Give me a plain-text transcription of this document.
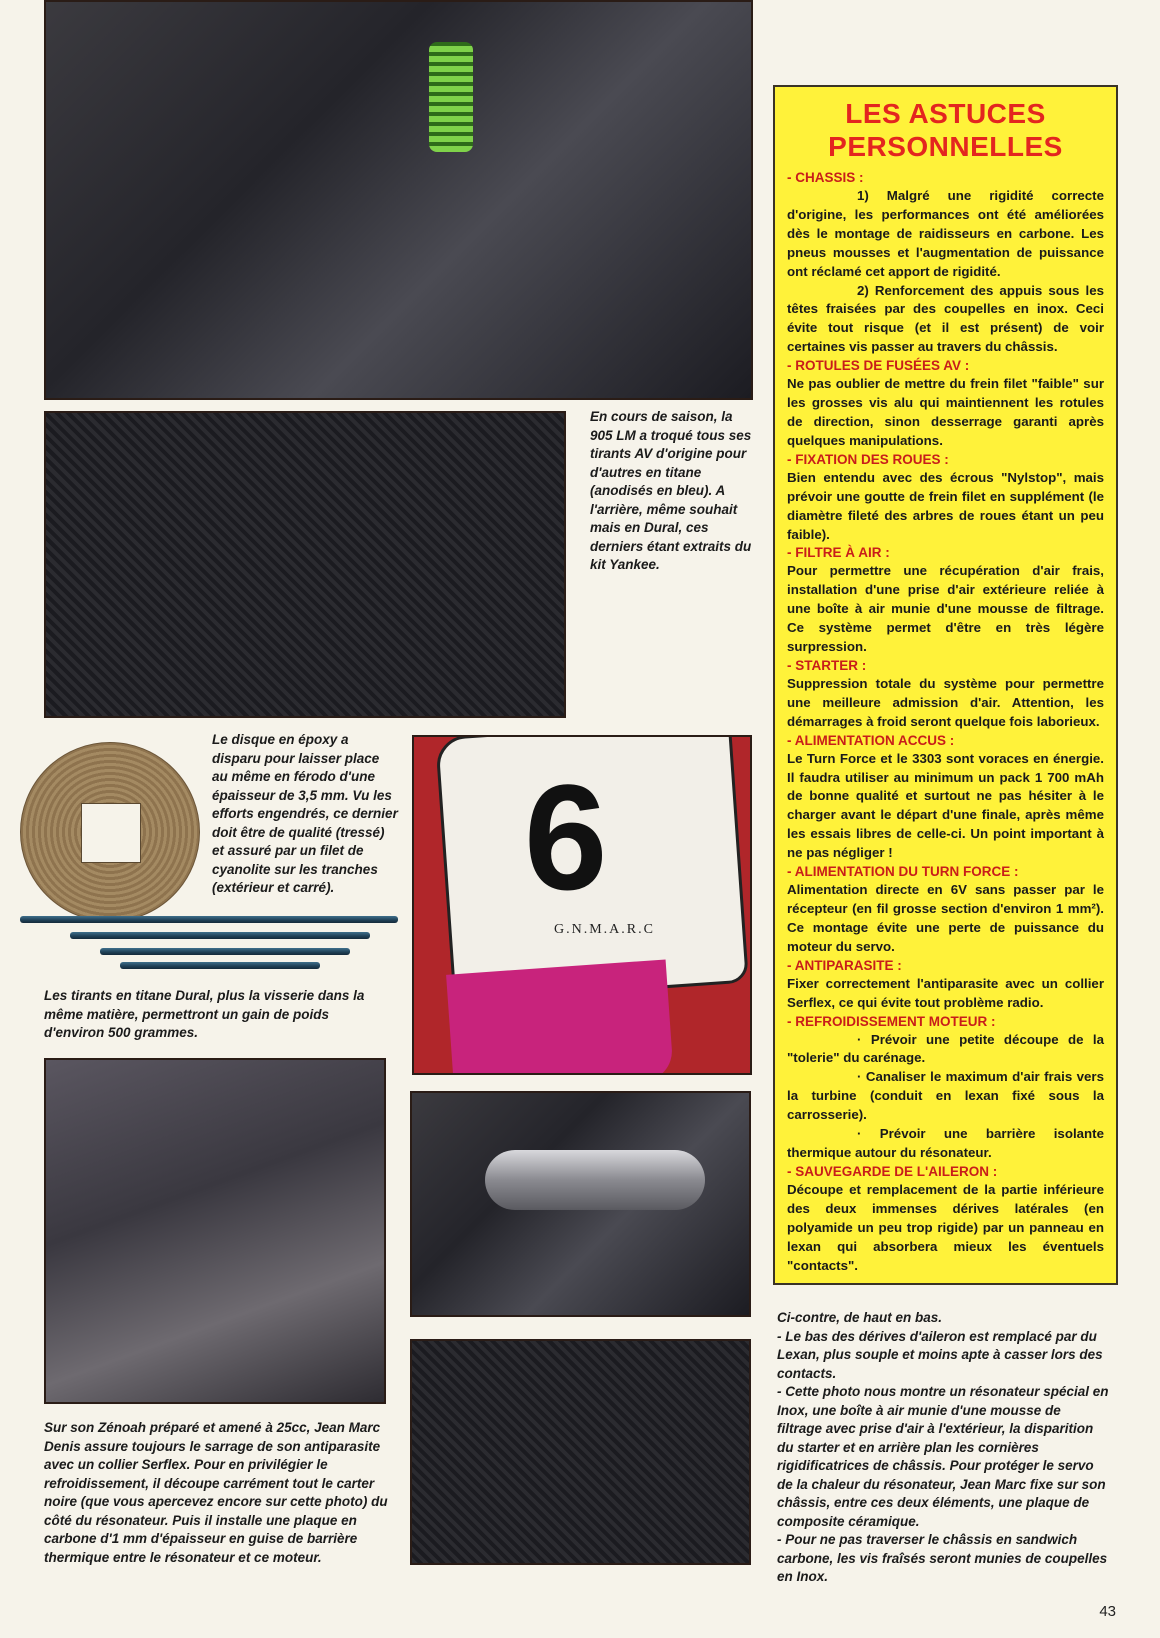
6
G.N.M.A.R.C

En cours de saison, la 905 LM a troqué tous ses tirants AV d'origine pour d'autres en titane (anodisés en bleu). A l'arrière, même souhait mais en Dural, ces derniers étant extraits du kit Yankee.

Le disque en époxy a disparu pour laisser place au même en férodo d'une épaisseur de 3,5 mm. Vu les efforts engendrés, ce dernier doit être de qualité (tressé) et assuré par un filet de cyanolite sur les tranches (extérieur et carré).

Les tirants en titane Dural, plus la visserie dans la même matière, permettront un gain de poids d'environ 500 grammes.

Sur son Zénoah préparé et amené à 25cc, Jean Marc Denis assure toujours le sarrage de son antiparasite avec un collier Serflex. Pour en privilégier le refroidissement, il découpe carrément tout le carter noire (que vous apercevez encore sur cette photo) du côté du résonateur. Puis il installe une plaque en carbone d'1 mm d'épaisseur en guise de barrière thermique entre le résonateur et ce moteur.

Ci-contre, de haut en bas.

- Le bas des dérives d'aileron est remplacé par du Lexan, plus souple et moins apte à casser lors des contacts.

- Cette photo nous montre un résonateur spécial en Inox, une boîte à air munie d'une mousse de filtrage avec prise d'air à l'extérieur, la disparition du starter et en arrière plan les cornières rigidificatrices de châssis. Pour protéger le servo de la chaleur du résonateur, Jean Marc fixe sur son châssis, entre ces deux éléments, une plaque de composite céramique.

- Pour ne pas traverser le châssis en sandwich carbone, les vis fraîsés seront munies de coupelles en Inox.

LES ASTUCES
PERSONNELLES
- CHASSIS :

1) Malgré une rigidité correcte d'origine, les performances ont été améliorées dès le montage de raidisseurs en carbone. Les pneus mousses et l'augmentation de puissance ont réclamé cet apport de rigidité.

2) Renforcement des appuis sous les têtes fraisées par des coupelles en inox. Ceci évite tout risque (et il est présent) de voir certaines vis passer au travers du châssis.

- ROTULES DE FUSÉES AV :

Ne pas oublier de mettre du frein filet "faible" sur les grosses vis alu qui maintiennent les rotules de direction, sinon desserrage garanti après quelques manipulations.

- FIXATION DES ROUES :

Bien entendu avec des écrous "Nylstop", mais prévoir une goutte de frein filet en supplément (le diamètre fileté des arbres de roues étant un peu faible).

- FILTRE À AIR :

Pour permettre une récupération d'air frais, installation d'une prise d'air extérieure reliée à une boîte à air munie d'une mousse de filtrage. Ce système permet d'être en très légère surpression.

- STARTER :

Suppression totale du système pour permettre une meilleure admission d'air. Attention, les démarrages à froid seront quelque fois laborieux.

- ALIMENTATION ACCUS :

Le Turn Force et le 3303 sont voraces en énergie. Il faudra utiliser au minimum un pack 1 700 mAh de bonne qualité et surtout ne pas hésiter à le charger avant le départ d'une finale, après même les essais libres de celle-ci. Un point important à ne pas négliger !

- ALIMENTATION DU TURN FORCE :

Alimentation directe en 6V sans passer par le récepteur (en fil grosse section d'environ 1 mm²). Ce montage évite une perte de puissance du moteur du servo.

- ANTIPARASITE :

Fixer correctement l'antiparasite avec un collier Serflex, ce qui évite tout problème radio.

- REFROIDISSEMENT MOTEUR :

· Prévoir une petite découpe de la "tolerie" du carénage.

· Canaliser le maximum d'air frais vers la turbine (conduit en lexan fixé sous la carrosserie).

· Prévoir une barrière isolante thermique autour du résonateur.

- SAUVEGARDE DE L'AILERON :

Découpe et remplacement de la partie inférieure des deux immenses dérives latérales (en polyamide un peu trop rigide) par un panneau en lexan qui absorbera mieux les éventuels "contacts".

43
